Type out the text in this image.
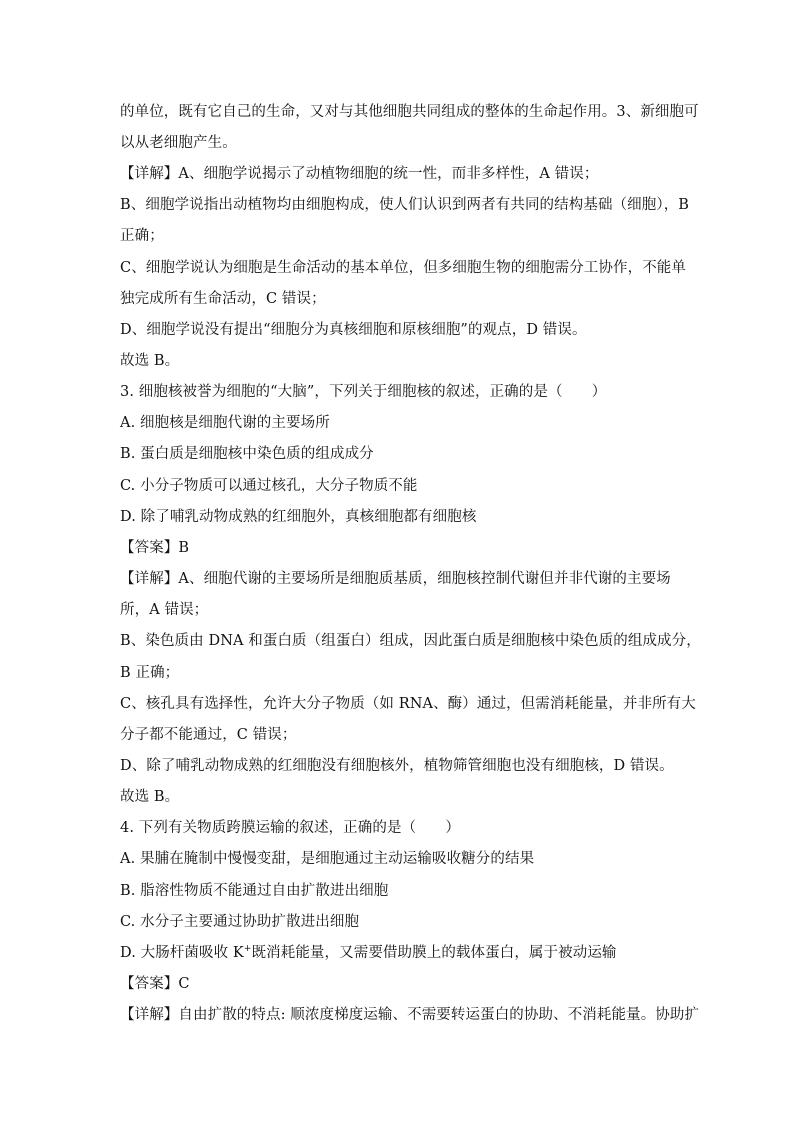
的单位，既有它自己的生命，又对与其他细胞共同组成的整体的生命起作用。3、新细胞可
以从老细胞产生。
【详解】A、细胞学说揭示了动植物细胞的统一性，而非多样性，A 错误；
B、细胞学说指出动植物均由细胞构成，使人们认识到两者有共同的结构基础（细胞），B
正确；
C、细胞学说认为细胞是生命活动的基本单位，但多细胞生物的细胞需分工协作，不能单
独完成所有生命活动，C 错误；
D、细胞学说没有提出“细胞分为真核细胞和原核细胞”的观点，D 错误。
故选 B。
3. 细胞核被誉为细胞的“大脑”，下列关于细胞核的叙述，正确的是（　　）
A. 细胞核是细胞代谢的主要场所
B. 蛋白质是细胞核中染色质的组成成分
C. 小分子物质可以通过核孔，大分子物质不能
D. 除了哺乳动物成熟的红细胞外，真核细胞都有细胞核
【答案】B
【详解】A、细胞代谢的主要场所是细胞质基质，细胞核控制代谢但并非代谢的主要场
所，A 错误；
B、染色质由 DNA 和蛋白质（组蛋白）组成，因此蛋白质是细胞核中染色质的组成成分，
B 正确；
C、核孔具有选择性，允许大分子物质（如 RNA、酶）通过，但需消耗能量，并非所有大
分子都不能通过，C 错误；
D、除了哺乳动物成熟的红细胞没有细胞核外，植物筛管细胞也没有细胞核，D 错误。
故选 B。
4. 下列有关物质跨膜运输的叙述，正确的是（　　）
A. 果脯在腌制中慢慢变甜，是细胞通过主动运输吸收糖分的结果
B. 脂溶性物质不能通过自由扩散进出细胞
C. 水分子主要通过协助扩散进出细胞
D. 大肠杆菌吸收 K+既消耗能量，又需要借助膜上的载体蛋白，属于被动运输
【答案】C
【详解】自由扩散的特点: 顺浓度梯度运输、不需要转运蛋白的协助、不消耗能量。协助扩
